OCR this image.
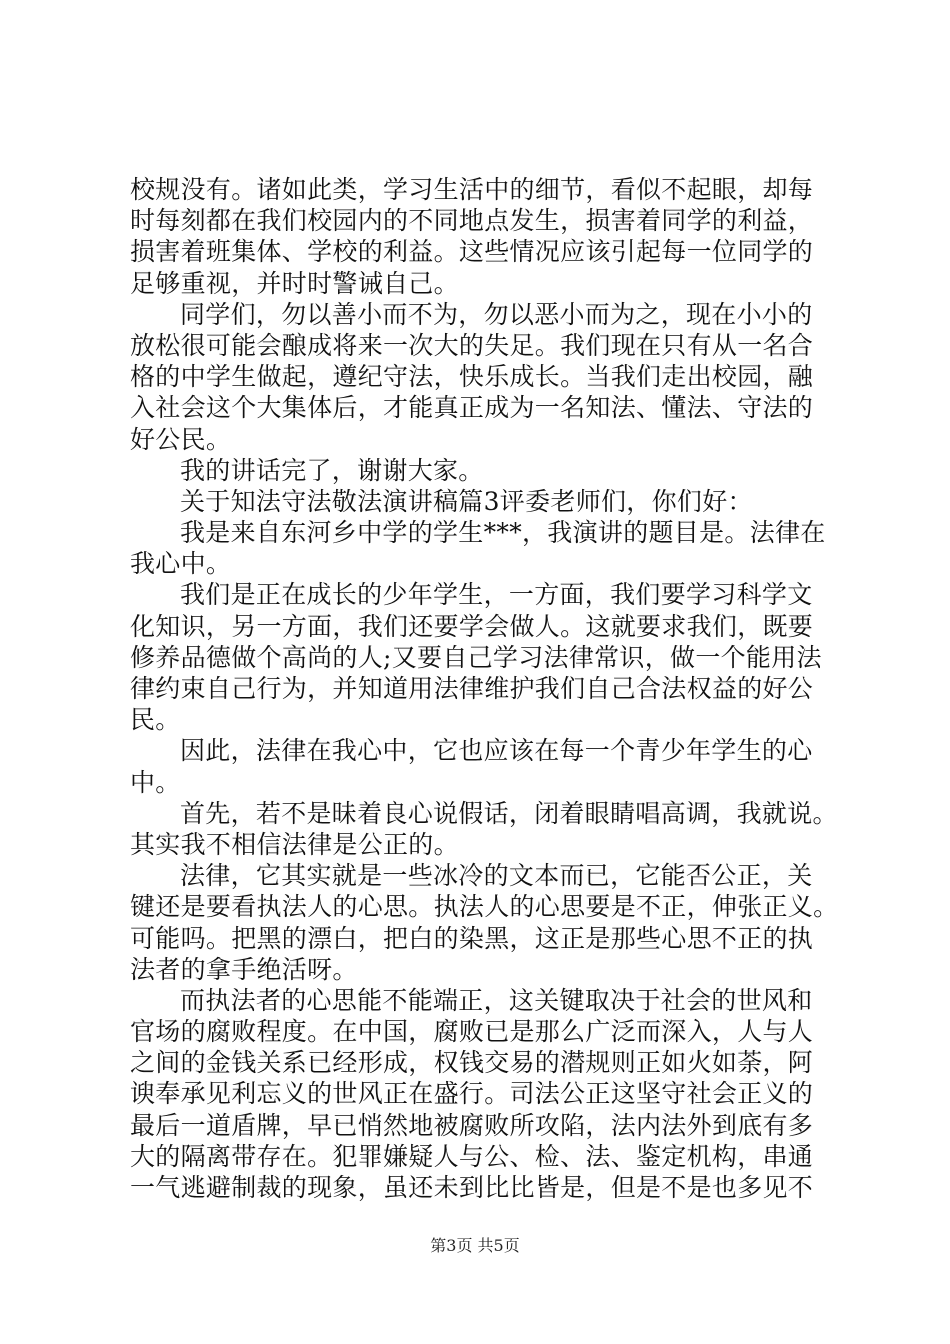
校规没有。诸如此类，学习生活中的细节，看似不起眼，却每
时每刻都在我们校园内的不同地点发生，损害着同学的利益，
损害着班集体、学校的利益。这些情况应该引起每一位同学的
足够重视，并时时警诫自己。
同学们，勿以善小而不为，勿以恶小而为之，现在小小的
放松很可能会酿成将来一次大的失足。我们现在只有从一名合
格的中学生做起，遵纪守法，快乐成长。当我们走出校园，融
入社会这个大集体后，才能真正成为一名知法、懂法、守法的
好公民。
我的讲话完了，谢谢大家。
关于知法守法敬法演讲稿篇3评委老师们，你们好：
我是来自东河乡中学的学生***，我演讲的题目是。法律在
我心中。
我们是正在成长的少年学生，一方面，我们要学习科学文
化知识，另一方面，我们还要学会做人。这就要求我们，既要
修养品德做个高尚的人;又要自己学习法律常识，做一个能用法
律约束自己行为，并知道用法律维护我们自己合法权益的好公
民。
因此，法律在我心中，它也应该在每一个青少年学生的心
中。
首先，若不是昧着良心说假话，闭着眼睛唱高调，我就说。
其实我不相信法律是公正的。
法律，它其实就是一些冰冷的文本而已，它能否公正，关
键还是要看执法人的心思。执法人的心思要是不正，伸张正义。
可能吗。把黑的漂白，把白的染黑，这正是那些心思不正的执
法者的拿手绝活呀。
而执法者的心思能不能端正，这关键取决于社会的世风和
官场的腐败程度。在中国，腐败已是那么广泛而深入，人与人
之间的金钱关系已经形成，权钱交易的潜规则正如火如荼，阿
谀奉承见利忘义的世风正在盛行。司法公正这坚守社会正义的
最后一道盾牌，早已悄然地被腐败所攻陷，法内法外到底有多
大的隔离带存在。犯罪嫌疑人与公、检、法、鉴定机构，串通
一气逃避制裁的现象，虽还未到比比皆是，但是不是也多见不
第3页 共5页
